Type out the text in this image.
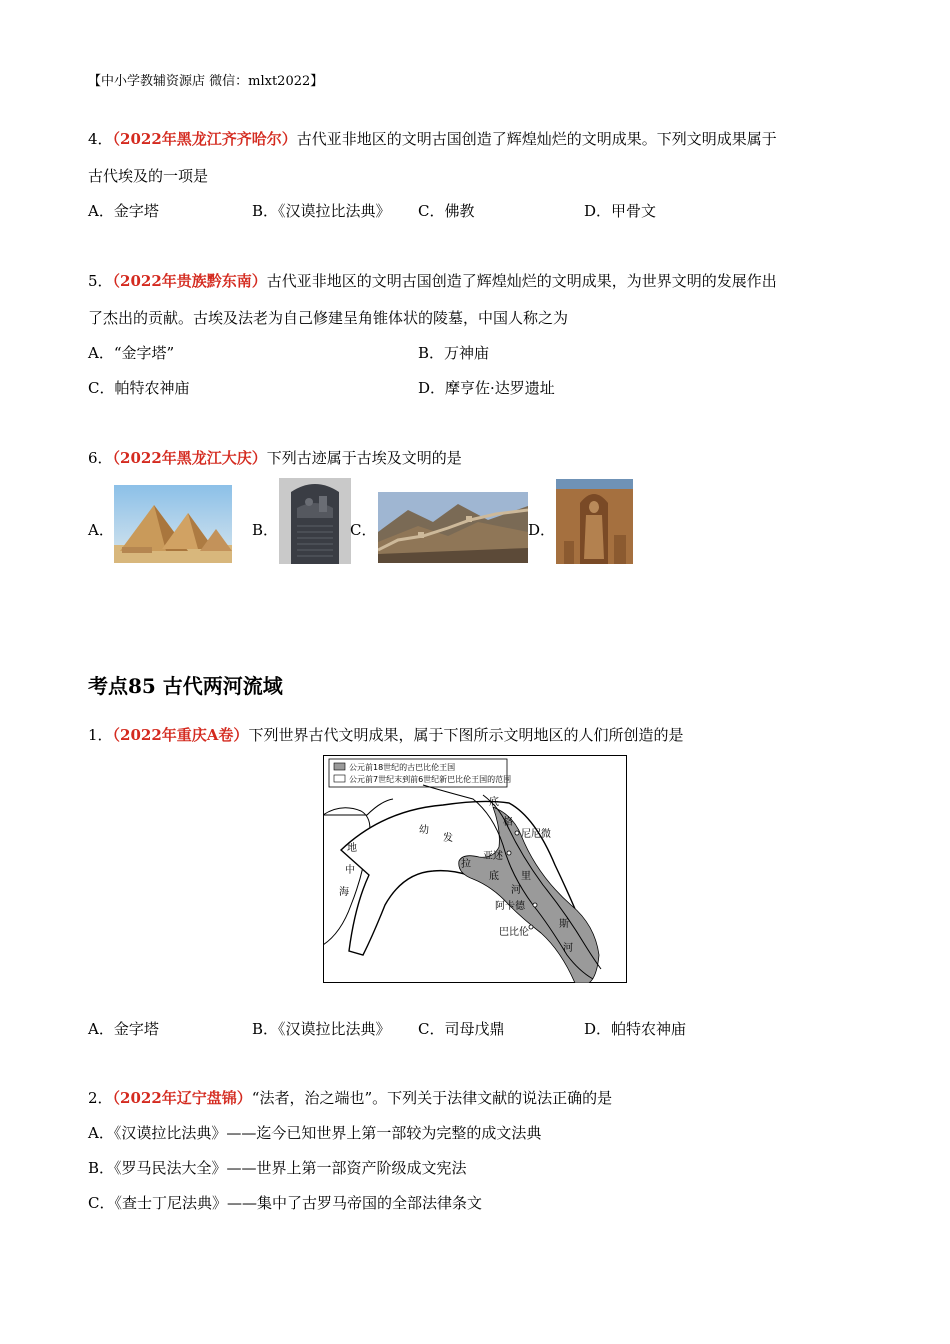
【中小学教辅资源店 微信：mlxt2022】
4．（2022年黑龙江齐齐哈尔）古代亚非地区的文明古国创造了辉煌灿烂的文明成果。下列文明成果属于
古代埃及的一项是
A．金字塔	B．《汉谟拉比法典》 C．佛教	D．甲骨文
5．（2022年贵族黔东南）古代亚非地区的文明古国创造了辉煌灿烂的文明成果，为世界文明的发展作出
了杰出的贡献。古埃及法老为自己修建呈角锥体状的陵墓，中国人称之为
A．“金字塔”	B．万神庙
C．帕特农神庙	D．摩亨佐·达罗遗址
6．（2022年黑龙江大庆）下列古迹属于古埃及文明的是
A．	B．	C．	D．
考点85 古代两河流域
1．（2022年重庆A卷）下列世界古代文明成果，属于下图所示文明地区的人们所创造的是
公元前18世纪的古巴比伦王国
公元前7世纪末到前6世纪新巴比伦王国的范围
地
中
海
幼
发
拉
底
格
里
斯
河
底
河
亚述
尼尼微
阿卡德
巴比伦
A．金字塔	B．《汉谟拉比法典》 C．司母戊鼎	D．帕特农神庙
2．（2022年辽宁盘锦）“法者，治之端也”。下列关于法律文献的说法正确的是
A．《汉谟拉比法典》——迄今已知世界上第一部较为完整的成文法典
B．《罗马民法大全》——世界上第一部资产阶级成文宪法
C．《查士丁尼法典》——集中了古罗马帝国的全部法律条文
